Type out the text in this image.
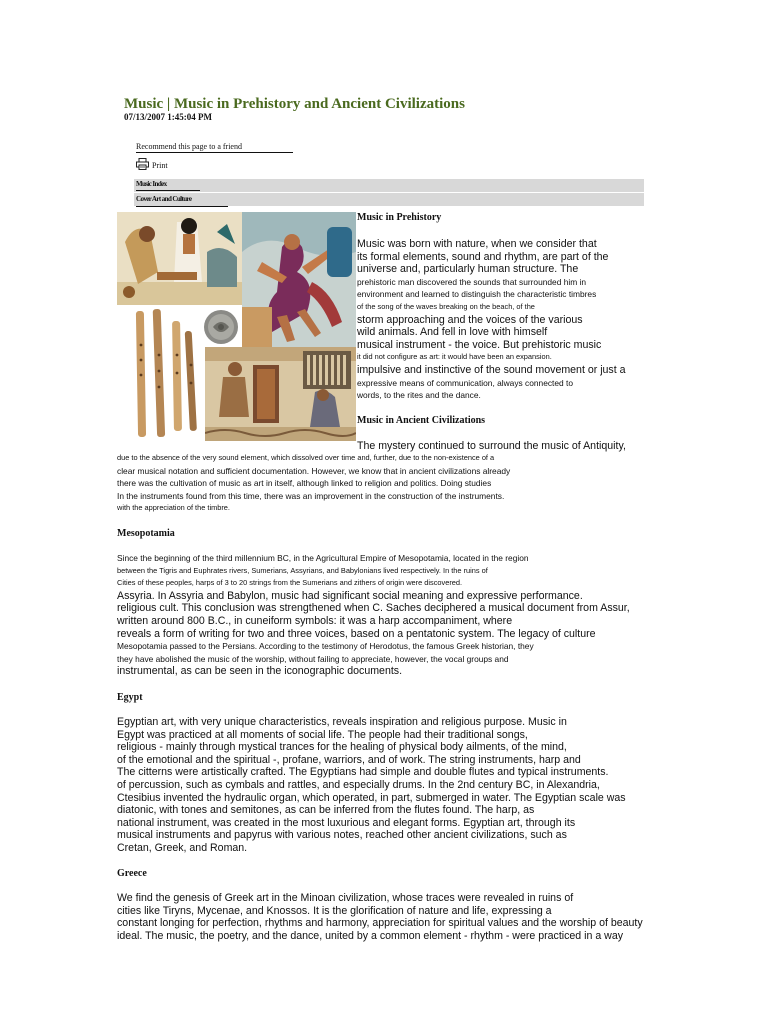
Music | Music in Prehistory and Ancient Civilizations
07/13/2007 1:45:04 PM
Recommend this page to a friend
Print
Music Index
Cover Art and Culture
Music in Prehistory
Music was born with nature, when we consider that
its formal elements, sound and rhythm, are part of the
universe and, particularly human structure. The
prehistoric man discovered the sounds that surrounded him in
environment and learned to distinguish the characteristic timbres
of the song of the waves breaking on the beach, of the
storm approaching and the voices of the various
wild animals. And fell in love with himself
musical instrument - the voice. But prehistoric music
it did not configure as art: it would have been an expansion.
impulsive and instinctive of the sound movement or just a
expressive means of communication, always connected to
words, to the rites and the dance.
Music in Ancient Civilizations

The mystery continued to surround the music of Antiquity,

due to the absence of the very sound element, which dissolved over time and, further, due to the non-existence of a
clear musical notation and sufficient documentation. However, we know that in ancient civilizations already
there was the cultivation of music as art in itself, although linked to religion and politics. Doing studies
In the instruments found from this time, there was an improvement in the construction of the instruments.
with the appreciation of the timbre.
Mesopotamia
Since the beginning of the third millennium BC, in the Agricultural Empire of Mesopotamia, located in the region
between the Tigris and Euphrates rivers, Sumerians, Assyrians, and Babylonians lived respectively. In the ruins of
Cities of these peoples, harps of 3 to 20 strings from the Sumerians and zithers of origin were discovered.
Assyria. In Assyria and Babylon, music had significant social meaning and expressive performance.
religious cult. This conclusion was strengthened when C. Saches deciphered a musical document from Assur,
written around 800 B.C., in cuneiform symbols: it was a harp accompaniment, where
reveals a form of writing for two and three voices, based on a pentatonic system. The legacy of culture
Mesopotamia passed to the Persians. According to the testimony of Herodotus, the famous Greek historian, they
they have abolished the music of the worship, without failing to appreciate, however, the vocal groups and
instrumental, as can be seen in the iconographic documents.
Egypt
Egyptian art, with very unique characteristics, reveals inspiration and religious purpose. Music in
Egypt was practiced at all moments of social life. The people had their traditional songs,
religious - mainly through mystical trances for the healing of physical body ailments, of the mind,
of the emotional and the spiritual -, profane, warriors, and of work. The string instruments, harp and
The citterns were artistically crafted. The Egyptians had simple and double flutes and typical instruments.
of percussion, such as cymbals and rattles, and especially drums. In the 2nd century BC, in Alexandria,
Ctesibius invented the hydraulic organ, which operated, in part, submerged in water. The Egyptian scale was
diatonic, with tones and semitones, as can be inferred from the flutes found. The harp, as
national instrument, was created in the most luxurious and elegant forms. Egyptian art, through its
musical instruments and papyrus with various notes, reached other ancient civilizations, such as
Cretan, Greek, and Roman.
Greece
We find the genesis of Greek art in the Minoan civilization, whose traces were revealed in ruins of
cities like Tiryns, Mycenae, and Knossos. It is the glorification of nature and life, expressing a
constant longing for perfection, rhythms and harmony, appreciation for spiritual values and the worship of beauty
ideal. The music, the poetry, and the dance, united by a common element - rhythm - were practiced in a way
